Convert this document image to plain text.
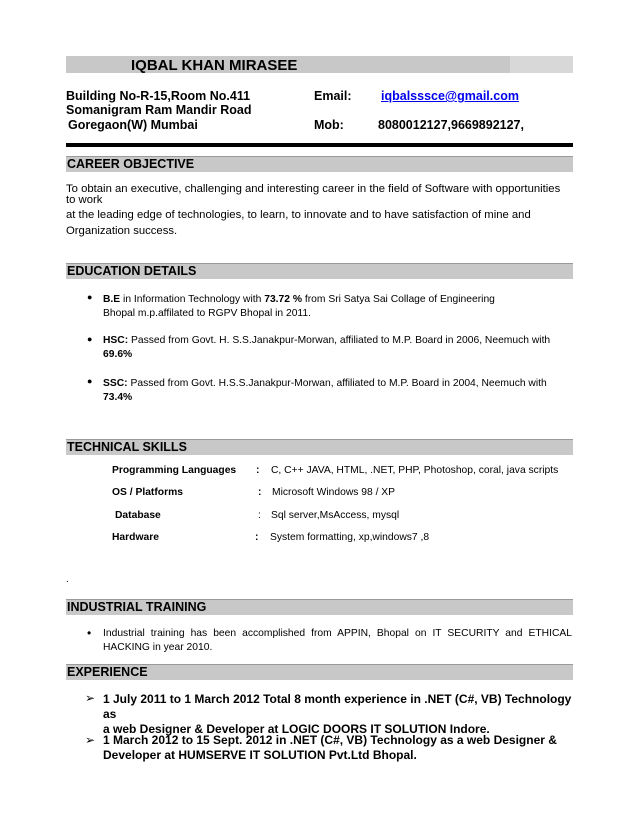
IQBAL KHAN MIRASEE
Building No-R-15,Room No.411
Somanigram Ram Mandir Road
Goregaon(W) Mumbai
Email: iqbalsssce@gmail.com
Mob:	8080012127,9669892127,
CAREER OBJECTIVE
To obtain an executive, challenging and interesting career in the field of Software with opportunities
to work
at the leading edge of technologies, to learn, to innovate and to have satisfaction of mine and
Organization success.
EDUCATION DETAILS
● B.E in Information Technology with 73.72 % from Sri Satya Sai Collage of Engineering
Bhopal m.p.affilated to RGPV Bhopal in 2011.
● HSC: Passed from Govt. H. S.S.Janakpur-Morwan, affiliated to M.P. Board in 2006, Neemuch with
69.6%
● SSC: Passed from Govt. H.S.S.Janakpur-Morwan, affiliated to M.P. Board in 2004, Neemuch with
73.4%
TECHNICAL SKILLS
Programming Languages : C, C++ JAVA, HTML, .NET, PHP, Photoshop, coral, java scripts
OS / Platforms	: Microsoft Windows 98 / XP
Database	: Sql server,MsAccess, mysql
Hardware	: System formatting, xp,windows7 ,8
.
INDUSTRIAL TRAINING
• Industrial training has been accomplished from APPIN, Bhopal on IT SECURITY and ETHICAL
HACKING in year 2010.
EXPERIENCE
➢ 1 July 2011 to 1 March 2012 Total 8 month experience in .NET (C#, VB) Technology as
a web Designer & Developer at LOGIC DOORS IT SOLUTION Indore.
➢ 1 March 2012 to 15 Sept. 2012 in .NET (C#, VB) Technology as a web Designer &
Developer at HUMSERVE IT SOLUTION Pvt.Ltd Bhopal.
